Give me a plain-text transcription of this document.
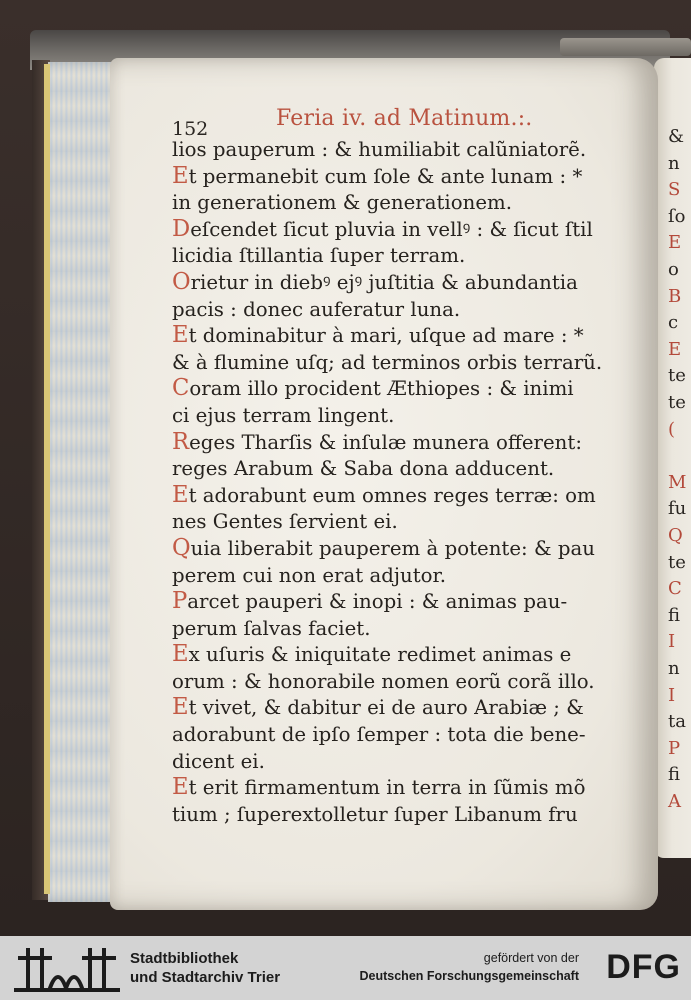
&
n
S
ſo
E
o
B
c
E
te
te
(
M
fu
Q
te
C
fi
I
n
I
ta
P
fi
A
152	Feria iv. ad Matinum.:.
lios pauperum : & humiliabit calũniatorẽ.
Et permanebit cum ſole & ante lunam : *
in generationem & generationem.
Deſcendet ſicut pluvia in vellꝰ : & ſicut ſtil
licidia ſtillantia ſuper terram.
Orietur in diebꝰ ejꝰ juſtitia & abundantia
pacis : donec auferatur luna.
Et dominabitur à mari, uſque ad mare : *
& à flumine uſq; ad terminos orbis terrarũ.
Coram illo procident Æthiopes : & inimi
ci ejus terram lingent.
Reges Tharſis & inſulæ munera offerent:
reges Arabum & Saba dona adducent.
Et adorabunt eum omnes reges terræ: om
nes Gentes ſervient ei.
Quia liberabit pauperem à potente: & pau
perem cui non erat adjutor.
Parcet pauperi & inopi : & animas pau-
perum ſalvas faciet.
Ex uſuris & iniquitate redimet animas e
orum : & honorabile nomen eorũ corã illo.
Et vivet, & dabitur ei de auro Arabiæ ; &
adorabunt de ipſo ſemper : tota die bene-
dicent ei.
Et erit firmamentum in terra in ſũmis mõ
tium ; ſuperextolletur ſuper Libanum fru
Stadtbibliothek
und Stadtarchiv Trier
gefördert von der
Deutschen Forschungsgemeinschaft DFG
